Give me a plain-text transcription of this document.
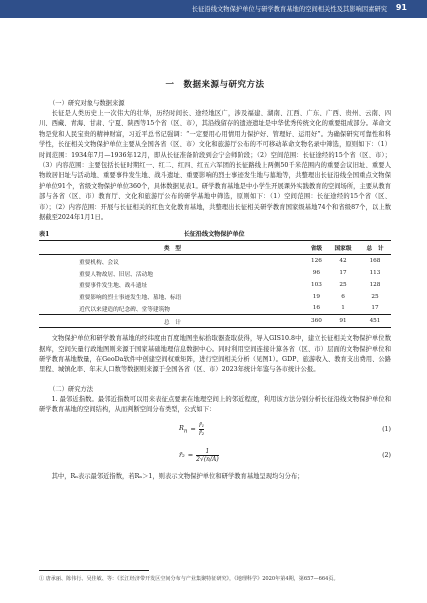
长征沿线文物保护单位与研学教育基地的空间相关性及其影响因素研究 91
一　数据来源与研究方法
（一）研究对象与数据来源

长征是人类历史上一次伟大的壮举，历经时间长、途经地区广，涉及福建、湖南、江西、广东、广西、贵州、云南、四川、西藏、青海、甘肃、宁夏、陕西等15个省（区、市），其沿线留存的遗迹遗址是中华优秀传统文化的重要组成部分。革命文物是党和人民宝贵的精神财富，习近平总书记强调：“一定要用心用情用力保护好、管理好、运用好”。为确保研究可靠性和科学性，长征相关文物保护单位主要从全国各省（区、市）文化和旅游厅公布的不可移动革命文物名录中筛选，原则如下：（1）时间范围：1934年7月—1936年12月，即从长征准备阶段到会宁会师阶段；（2）空间范围：长征途经的15个省（区、市）；（3）内容范围：主要包括长征时期红一、红二、红四、红五六军团的长征路线上两侧50千米范围内的重要会议旧址、重要人物故居旧址与活动地、重要事件发生地、战斗遗址、重要影响的烈士事迹发生地与墓地等，共整理出长征沿线全国重点文物保护单位91个，省级文物保护单位360个，具体数据见表1。研学教育基地是中小学生开展课外实践教育的空间场所，主要从教育部与各省（区、市）教育厅、文化和旅游厅公布的研学基地中筛选，原则如下：（1）空间范围：长征途经的15个省（区、市）；（2）内容范围：开展与长征相关的红色文化教育基地，共整理出长征相关研学教育国家级基地74个和省级87个，以上数据截至2024年1月1日。

表1	长征沿线文物保护单位
类　型	省级	国家级	总　计
重要机构、会议	126	42	168
重要人物故居、旧居、活动地	96	17	113
重要事件发生地、战斗遗址	103	25	128
重要影响的烈士事迹发生地、墓地、标语	19	6	25
近代以来建造的纪念碑、堂等建筑物	16	1	17
总　计	360	91	451

文物保护单位和研学教育基地的经纬度由百度地图坐标拾取器查取获得，导入GIS10.8中，建立长征相关文物保护单位数据库，空间矢量行政地图则来源于国家基础地理信息数据中心。同时利用空间连接计算各省（区、市）层面的文物保护单位和研学教育基地数量，在GeoDa软件中创建空间权重矩阵，进行空间相关分析（见图1）。GDP、旅游收入、教育支出费用、公路里程、城镇化率、年末人口数等数据则来源于全国各省（区、市）2023年统计年鉴与各市统计公报。

（二）研究方法

1. 最邻近指数。最邻近指数可以用来表征点要素在地理空间上的邻近程度，利用该方法分别分析长征沿线文物保护单位和研学教育基地的空间结构，从而判断空间分布类型，公式如下：

$R_n = \frac{\text{r̄₁}}{\text{r̄₂}}$	(1)
r̄₂ = $\frac{1}{2√(n/A)}$	(2)

其中，Rₙ表示最邻近指数，若Rₙ＞1，则表示文物保护单位和研学教育基地呈现均匀分布；

① 唐承丽、陈伟行、吴佳敏、等：《长江经济带开发区空间分布与产业集聚特征研究》，《地理科学》2020年第4期，第657—664页。
